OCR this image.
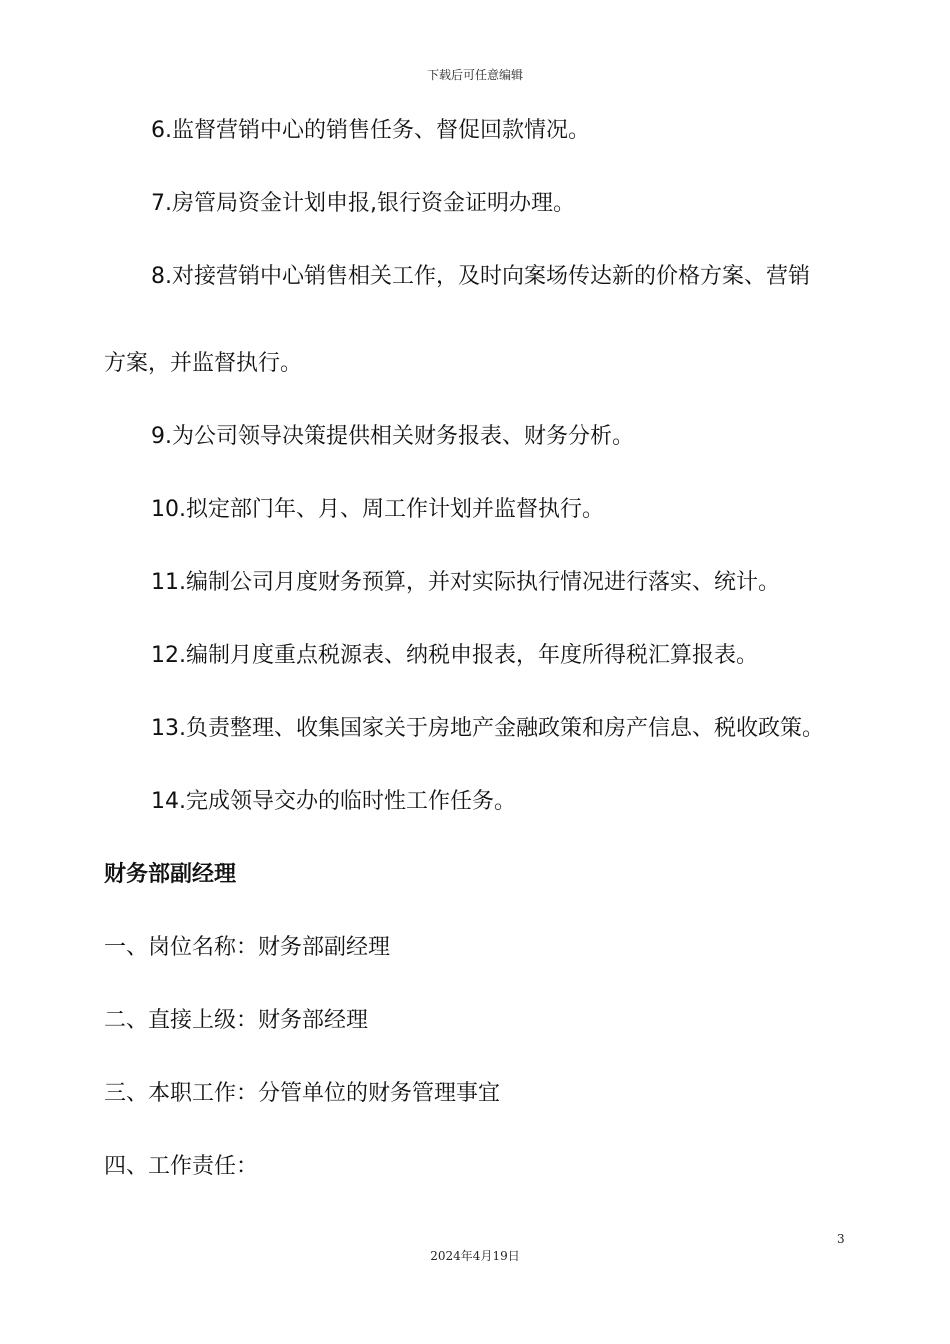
下载后可任意编辑
6.监督营销中心的销售任务、督促回款情况。
7.房管局资金计划申报,银行资金证明办理。
8.对接营销中心销售相关工作，及时向案场传达新的价格方案、营销
方案，并监督执行。
9.为公司领导决策提供相关财务报表、财务分析。
10.拟定部门年、月、周工作计划并监督执行。
11.编制公司月度财务预算，并对实际执行情况进行落实、统计。
12.编制月度重点税源表、纳税申报表，年度所得税汇算报表。
13.负责整理、收集国家关于房地产金融政策和房产信息、税收政策。
14.完成领导交办的临时性工作任务。
财务部副经理
一、岗位名称：财务部副经理
二、直接上级：财务部经理
三、本职工作：分管单位的财务管理事宜
四、工作责任：
3
2024年4月19日
